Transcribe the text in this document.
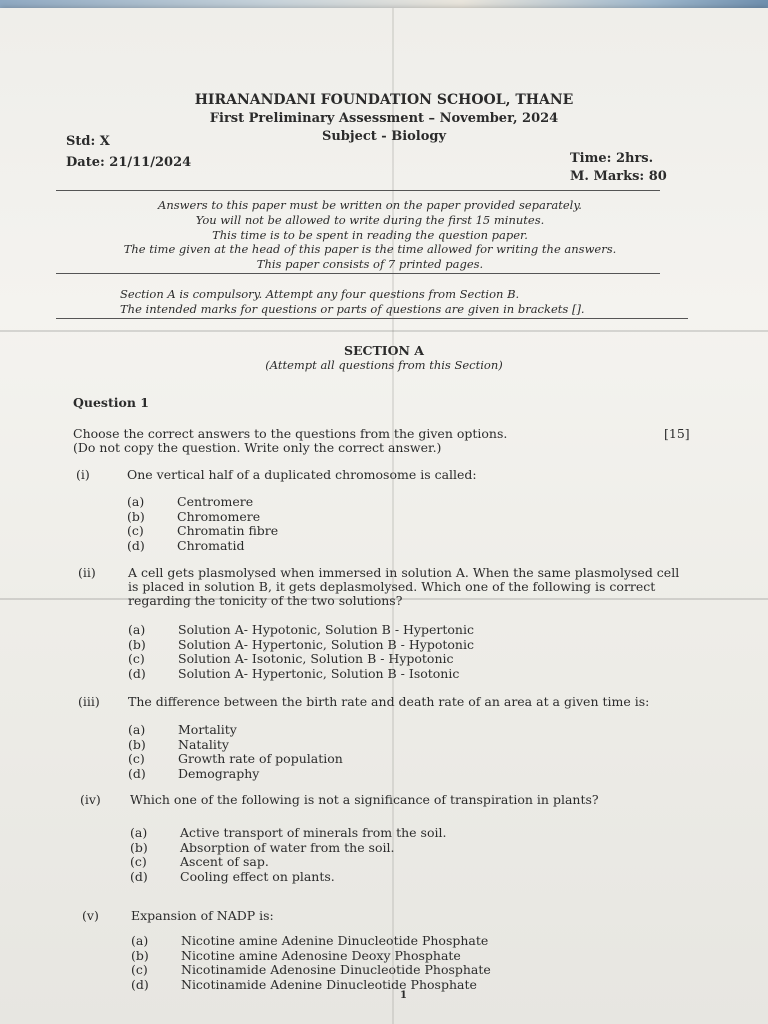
HIRANANDANI FOUNDATION SCHOOL, THANE
First Preliminary Assessment – November, 2024
Subject - Biology
Std: X
Date: 21/11/2024	Time: 2hrs.
M. Marks: 80
Answers to this paper must be written on the paper provided separately.
You will not be allowed to write during the first 15 minutes.
This time is to be spent in reading the question paper.
The time given at the head of this paper is the time allowed for writing the answers.
This paper consists of 7 printed pages.
Section A is compulsory. Attempt any four questions from Section B.
The intended marks for questions or parts of questions are given in brackets [].
SECTION A
(Attempt all questions from this Section)
Question 1
Choose the correct answers to the questions from the given options.
(Do not copy the question. Write only the correct answer.)
[15]
(i)	One vertical half of a duplicated chromosome is called:
(a)	Centromere
(b)	Chromomere
(c)	Chromatin fibre
(d)	Chromatid
(ii)	A cell gets plasmolysed when immersed in solution A. When the same plasmolysed cell
is placed in solution B, it gets deplasmolysed. Which one of the following is correct
regarding the tonicity of the two solutions?
(a)	Solution A- Hypotonic, Solution B - Hypertonic
(b)	Solution A- Hypertonic, Solution B - Hypotonic
(c)	Solution A- Isotonic, Solution B - Hypotonic
(d)	Solution A- Hypertonic, Solution B - Isotonic
(iii) The difference between the birth rate and death rate of an area at a given time is:
(a)	Mortality
(b)	Natality
(c)	Growth rate of population
(d)	Demography
(iv) Which one of the following is not a significance of transpiration in plants?
(a)	Active transport of minerals from the soil.
(b)	Absorption of water from the soil.
(c)	Ascent of sap.
(d)	Cooling effect on plants.
(v)	Expansion of NADP is:
(a)	Nicotine amine Adenine Dinucleotide Phosphate
(b)	Nicotine amine Adenosine Deoxy Phosphate
(c)	Nicotinamide Adenosine Dinucleotide Phosphate
(d)	Nicotinamide Adenine Dinucleotide Phosphate
1
